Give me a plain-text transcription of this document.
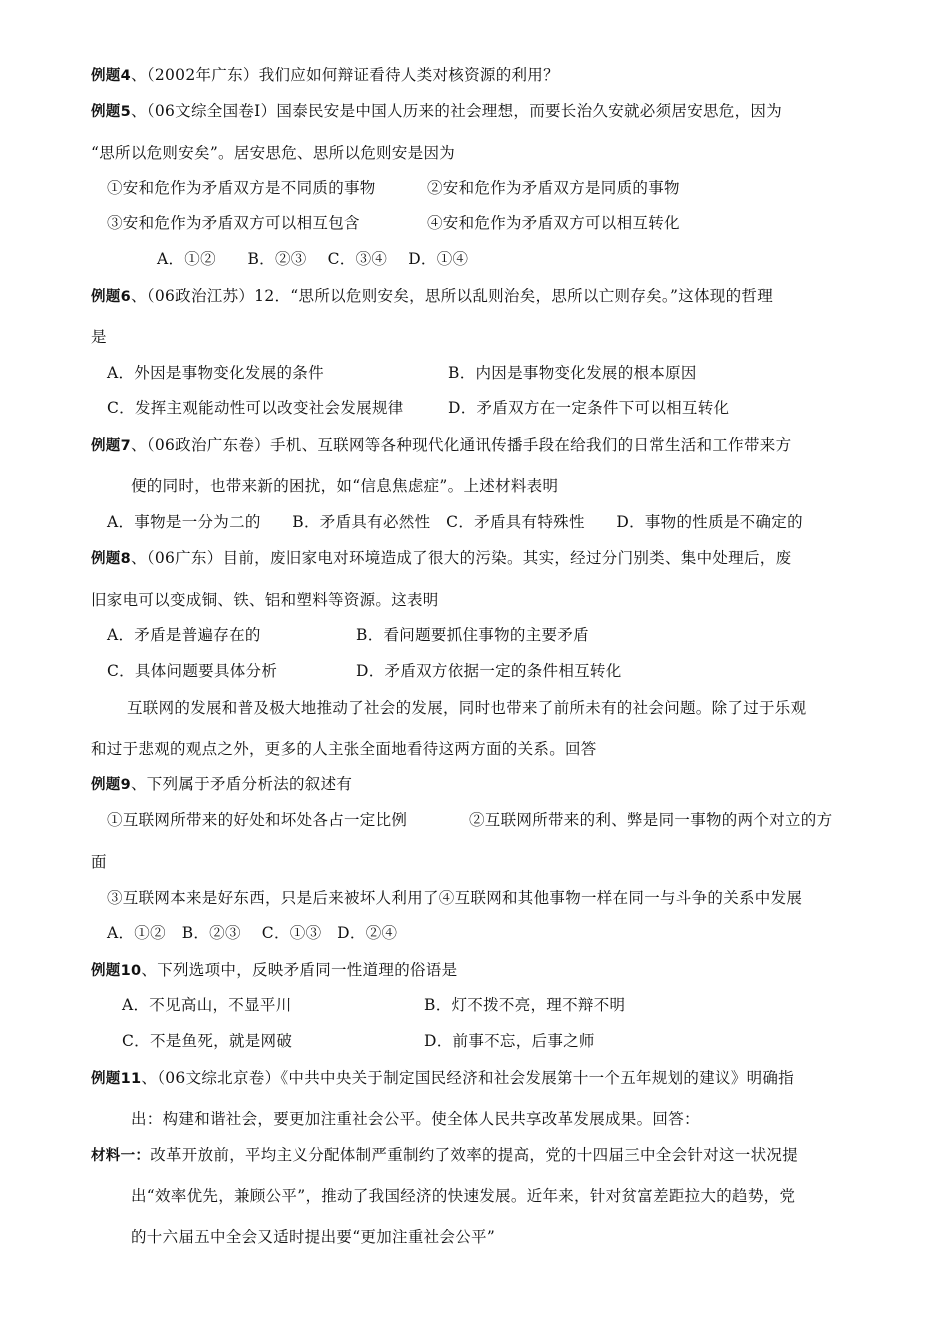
例题4、（2002年广东）我们应如何辩证看待人类对核资源的利用？
例题5、（06文综全国卷Ⅰ）国泰民安是中国人历来的社会理想，而要长治久安就必须居安思危，因为
“思所以危则安矣”。居安思危、思所以危则安是因为
①安和危作为矛盾双方是不同质的事物	②安和危作为矛盾双方是同质的事物
③安和危作为矛盾双方可以相互包含	④安和危作为矛盾双方可以相互转化
A．①②　　B．②③　 C．③④　 D．①④
例题6、（06政治江苏）12．“思所以危则安矣，思所以乱则治矣，思所以亡则存矣。”这体现的哲理
是
A．外因是事物变化发展的条件	B．内因是事物变化发展的根本原因
C．发挥主观能动性可以改变社会发展规律	D．矛盾双方在一定条件下可以相互转化
例题7、（06政治广东卷）手机、互联网等各种现代化通讯传播手段在给我们的日常生活和工作带来方
便的同时，也带来新的困扰，如“信息焦虑症”。上述材料表明
A．事物是一分为二的　　B．矛盾具有必然性　C．矛盾具有特殊性　　D．事物的性质是不确定的
例题8、（06广东）目前，废旧家电对环境造成了很大的污染。其实，经过分门别类、集中处理后，废
旧家电可以变成铜、铁、铝和塑料等资源。这表明
A．矛盾是普遍存在的	B．看问题要抓住事物的主要矛盾
C．具体问题要具体分析	D．矛盾双方依据一定的条件相互转化
互联网的发展和普及极大地推动了社会的发展，同时也带来了前所未有的社会问题。除了过于乐观
和过于悲观的观点之外，更多的人主张全面地看待这两方面的关系。回答
例题9、下列属于矛盾分析法的叙述有
①互联网所带来的好处和坏处各占一定比例	②互联网所带来的利、弊是同一事物的两个对立的方
面
③互联网本来是好东西，只是后来被坏人利用了④互联网和其他事物一样在同一与斗争的关系中发展
A．①②　B．②③　 C．①③　D．②④
例题10、下列选项中，反映矛盾同一性道理的俗语是
A．不见高山，不显平川	B．灯不拨不亮，理不辩不明
C．不是鱼死，就是网破	D．前事不忘，后事之师
例题11、（06文综北京卷）《中共中央关于制定国民经济和社会发展第十一个五年规划的建议》明确指
出：构建和谐社会，要更加注重社会公平。使全体人民共享改革发展成果。回答：
材料一：改革开放前，平均主义分配体制严重制约了效率的提高，党的十四届三中全会针对这一状况提
出“效率优先，兼顾公平”，推动了我国经济的快速发展。近年来，针对贫富差距拉大的趋势，党
的十六届五中全会又适时提出要“更加注重社会公平”
